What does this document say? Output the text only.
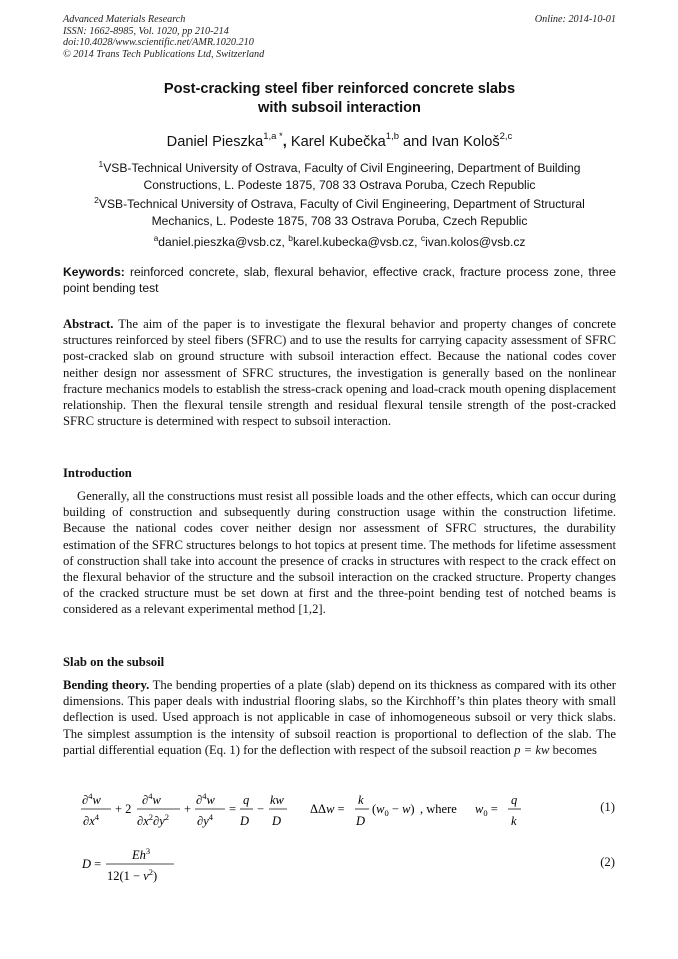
Advanced Materials Research
ISSN: 1662-8985, Vol. 1020, pp 210-214
doi:10.4028/www.scientific.net/AMR.1020.210
© 2014 Trans Tech Publications Ltd, Switzerland
Online: 2014-10-01
Post-cracking steel fiber reinforced concrete slabs
with subsoil interaction
Daniel Pieszka$^{1,a *}$, Karel Kubečka$^{1,b}$ and Ivan Kološ$^{2,c}$
$^1$VSB-Technical University of Ostrava, Faculty of Civil Engineering, Department of Building
Constructions, L. Podeste 1875, 708 33 Ostrava Poruba, Czech Republic
$^2$VSB-Technical University of Ostrava, Faculty of Civil Engineering, Department of Structural
Mechanics, L. Podeste 1875, 708 33 Ostrava Poruba, Czech Republic
$^a$daniel.pieszka@vsb.cz, $^b$karel.kubecka@vsb.cz, $^c$ivan.kolos@vsb.cz
Keywords: reinforced concrete, slab, flexural behavior, effective crack, fracture process zone, three point bending test
Abstract. The aim of the paper is to investigate the flexural behavior and property changes of concrete structures reinforced by steel fibers (SFRC) and to use the results for carrying capacity assessment of SFRC post-cracked slab on ground structure with subsoil interaction effect. Because the national codes cover neither design nor assessment of SFRC structures, the investigation is generally based on the nonlinear fracture mechanics models to establish the stress-crack opening and load-crack mouth opening displacement relationship. Then the flexural tensile strength and residual flexural tensile strength of the post-cracked SFRC structure is determined with respect to subsoil interaction.
Introduction
Generally, all the constructions must resist all possible loads and the other effects, which can occur during building of construction and subsequently during construction usage within the construction lifetime. Because the national codes cover neither design nor assessment of SFRC structures, the durability estimation of the SFRC structures belongs to hot topics at present time. The methods for lifetime assessment of construction shall take into account the presence of cracks in structures with respect to the crack effect on the flexural behavior of the structure and the subsoil interaction on the cracked structure. Property changes of the cracked structure must be set down at first and the three-point bending test of notched beams is considered as a relevant experimental method [1,2].
Slab on the subsoil
Bending theory. The bending properties of a plate (slab) depend on its thickness as compared with its other dimensions. This paper deals with industrial flooring slabs, so the Kirchhoff’s thin plates theory with small deflection is used. Used approach is not applicable in case of inhomogeneous subsoil or very thick slabs. The simplest assumption is the intensity of subsoil reaction is proportional to deflection of the slab. The partial differential equation (Eq. 1) for the deflection with respect of the subsoil reaction p = kw becomes
∂$^4$w
$\partial x^4$
+ 2
∂$^4$w
$\partial x^2\partial y^2$
+
∂$^4$w
$\partial y^4$
=
q
D
−
kw
D
ΔΔw =
k
D
$(w_0 - w)$ , where $w_0$ =
q
k
(1)
D =
$Eh^3$
$12(1 - \nu^2)$
(2)
